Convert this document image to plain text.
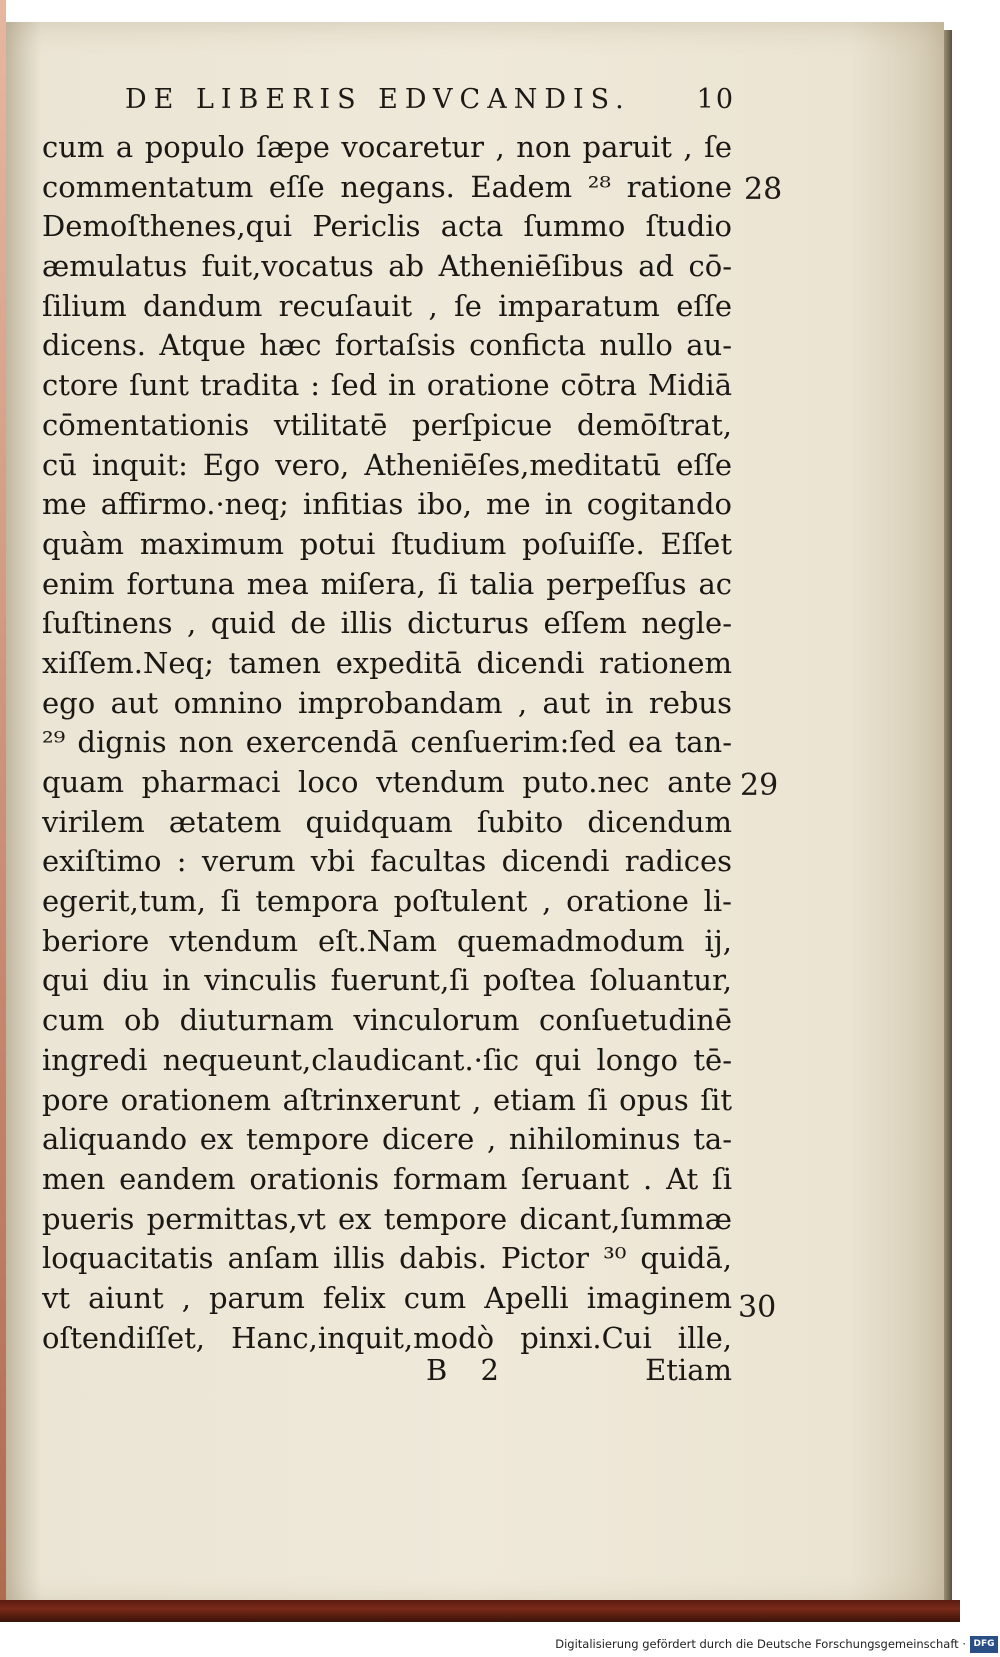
DE LIBERIS EDVCANDIS. 10
cum a populo ſæpe vocaretur , non paruit , ſe
commentatum eſſe negans. Eadem ²⁸ ratione
Demoſthenes,qui Periclis acta ſummo ſtudio
æmulatus fuit,vocatus ab Atheniēſibus ad cō-
ſilium dandum recuſauit , ſe imparatum eſſe
dicens. Atque hæc fortaſsis conficta nullo au-
ctore ſunt tradita : ſed in oratione cōtra Midiā
cōmentationis vtilitatē perſpicue demōſtrat,
cū inquit: Ego vero, Atheniēſes,meditatū eſſe
me affirmo.·neq; infitias ibo, me in cogitando
quàm maximum potui ſtudium poſuiſſe. Eſſet
enim fortuna mea miſera, ſi talia perpeſſus ac
ſuſtinens , quid de illis dicturus eſſem negle-
xiſſem.Neq; tamen expeditā dicendi rationem
ego aut omnino improbandam , aut in rebus
²⁹ dignis non exercendā cenſuerim:ſed ea tan-
quam pharmaci loco vtendum puto.nec ante
virilem ætatem quidquam ſubito dicendum
exiſtimo : verum vbi facultas dicendi radices
egerit,tum, ſi tempora poſtulent , oratione li-
beriore vtendum eſt.Nam quemadmodum ij,
qui diu in vinculis fuerunt,ſi poſtea ſoluantur,
cum ob diuturnam vinculorum conſuetudinē
ingredi nequeunt,claudicant.·ſic qui longo tē-
pore orationem aſtrinxerunt , etiam ſi opus ſit
aliquando ex tempore dicere , nihilominus ta-
men eandem orationis formam ſeruant . At ſi
pueris permittas,vt ex tempore dicant,ſummæ
loquacitatis anſam illis dabis. Pictor ³⁰ quidā,
vt aiunt , parum felix cum Apelli imaginem
oſtendiſſet, Hanc,inquit,modò pinxi.Cui ille,
28
29
30
B 2	Etiam
Digitalisierung gefördert durch die Deutsche Forschungsgemeinschaft · DFG
